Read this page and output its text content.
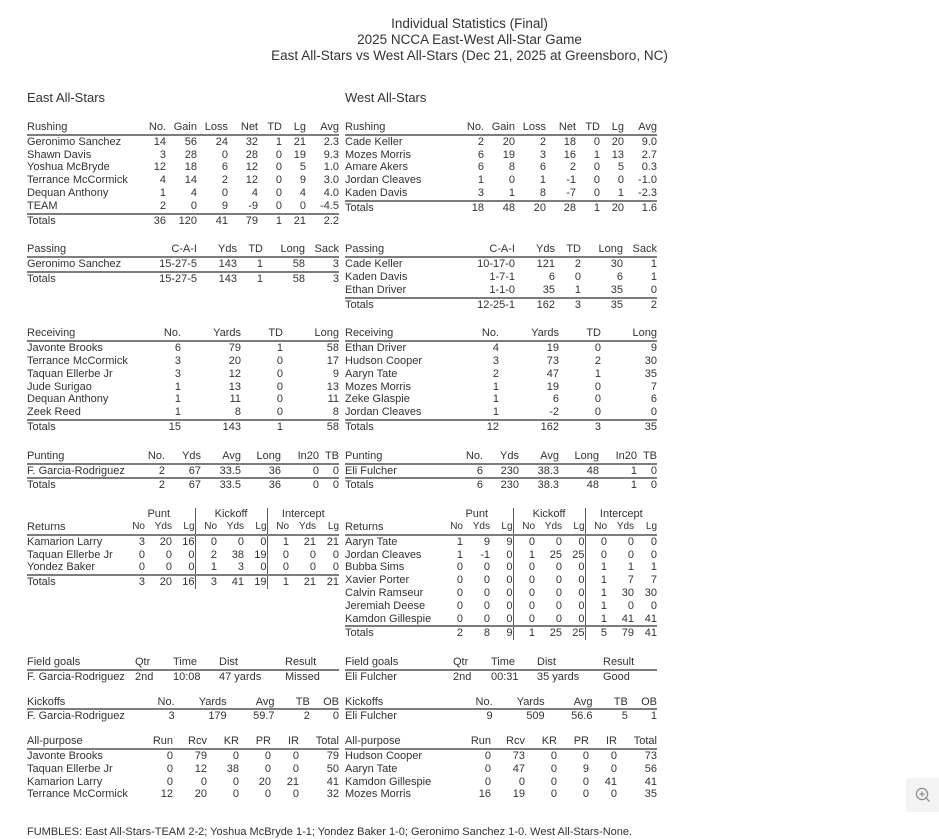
Individual Statistics (Final)
2025 NCCA East-West All-Star Game
East All-Stars vs West All-Stars (Dec 21, 2025 at Greensboro, NC)
East All-Stars	West All-Stars
Rushing	No.	Gain	Loss	Net	TD	Lg	Avg
Geronimo Sanchez	14	56	24	32	1	21	2.3
Shawn Davis	3	28	0	28	0	19	9.3
Yoshua McBryde	12	18	6	12	0	5	1.0
Terrance McCormick	4	14	2	12	0	9	3.0
Dequan Anthony	1	4	0	4	0	4	4.0
TEAM	2	0	9	-9	0	0	-4.5
Totals	36	120	41	79	1	21	2.2
Rushing	No.	Gain	Loss	Net	TD	Lg	Avg
Cade Keller	2	20	2	18	0	20	9.0
Mozes Morris	6	19	3	16	1	13	2.7
Amare Akers	6	8	6	2	0	5	0.3
Jordan Cleaves	1	0	1	-1	0	0	-1.0
Kaden Davis	3	1	8	-7	0	1	-2.3
Totals	18	48	20	28	1	20	1.6
Passing	C-A-I	Yds	TD	Long	Sack
Geronimo Sanchez	15-27-5	143	1	58	3
Totals	15-27-5	143	1	58	3
Passing	C-A-I	Yds	TD	Long	Sack
Cade Keller	10-17-0	121	2	30	1
Kaden Davis	1-7-1	6	0	6	1
Ethan Driver	1-1-0	35	1	35	0
Totals	12-25-1	162	3	35	2
Receiving	No.	Yards	TD	Long
Javonte Brooks	6	79	1	58
Terrance McCormick	3	20	0	17
Taquan Ellerbe Jr	3	12	0	9
Jude Surigao	1	13	0	13
Dequan Anthony	1	11	0	11
Zeek Reed	1	8	0	8
Totals	15	143	1	58
Receiving	No.	Yards	TD	Long
Ethan Driver	4	19	0	9
Hudson Cooper	3	73	2	30
Aaryn Tate	2	47	1	35
Mozes Morris	1	19	0	7
Zeke Glaspie	1	6	0	6
Jordan Cleaves	1	-2	0	0
Totals	12	162	3	35
Punting	No.	Yds	Avg	Long	In20	TB
F. Garcia-Rodriguez	2	67	33.5	36	0	0
Totals	2	67	33.5	36	0	0
Punting	No.	Yds	Avg	Long	In20	TB
Eli Fulcher	6	230	38.3	48	1	0
Totals	6	230	38.3	48	1	0
	Punt			Kickoff			Intercept		
Returns	No	Yds	Lg	No	Yds	Lg	No	Yds	Lg
Kamarion Larry	3	20	16	0	0	0	1	21	21
Taquan Ellerbe Jr	0	0	0	2	38	19	0	0	0
Yondez Baker	0	0	0	1	3	0	0	0	0
Totals	3	20	16	3	41	19	1	21	21
	Punt			Kickoff			Intercept		
Returns	No	Yds	Lg	No	Yds	Lg	No	Yds	Lg
Aaryn Tate	1	9	9	0	0	0	0	0	0
Jordan Cleaves	1	-1	0	1	25	25	0	0	0
Bubba Sims	0	0	0	0	0	0	1	1	1
Xavier Porter	0	0	0	0	0	0	1	7	7
Calvin Ramseur	0	0	0	0	0	0	1	30	30
Jeremiah Deese	0	0	0	0	0	0	1	0	0
Kamdon Gillespie	0	0	0	0	0	0	1	41	41
Totals	2	8	9	1	25	25	5	79	41
Field goals	Qtr	Time	Dist	Result
F. Garcia-Rodriguez	2nd	10:08	47 yards	Missed
Kickoffs	No.	Yards	Avg	TB	OB
F. Garcia-Rodriguez	3	179	59.7	2	0
All-purpose	Run	Rcv	KR	PR	IR	Total
Javonte Brooks	0	79	0	0	0	79
Taquan Ellerbe Jr	0	12	38	0	0	50
Kamarion Larry	0	0	0	20	21	41
Terrance McCormick	12	20	0	0	0	32
Field goals	Qtr	Time	Dist	Result
Eli Fulcher	2nd	00:31	35 yards	Good
Kickoffs	No.	Yards	Avg	TB	OB
Eli Fulcher	9	509	56.6	5	1
All-purpose	Run	Rcv	KR	PR	IR	Total
Hudson Cooper	0	73	0	0	0	73
Aaryn Tate	0	47	0	9	0	56
Kamdon Gillespie	0	0	0	0	41	41
Mozes Morris	16	19	0	0	0	35
FUMBLES: East All-Stars-TEAM 2-2; Yoshua McBryde 1-1; Yondez Baker 1-0; Geronimo Sanchez 1-0. West All-Stars-None.
